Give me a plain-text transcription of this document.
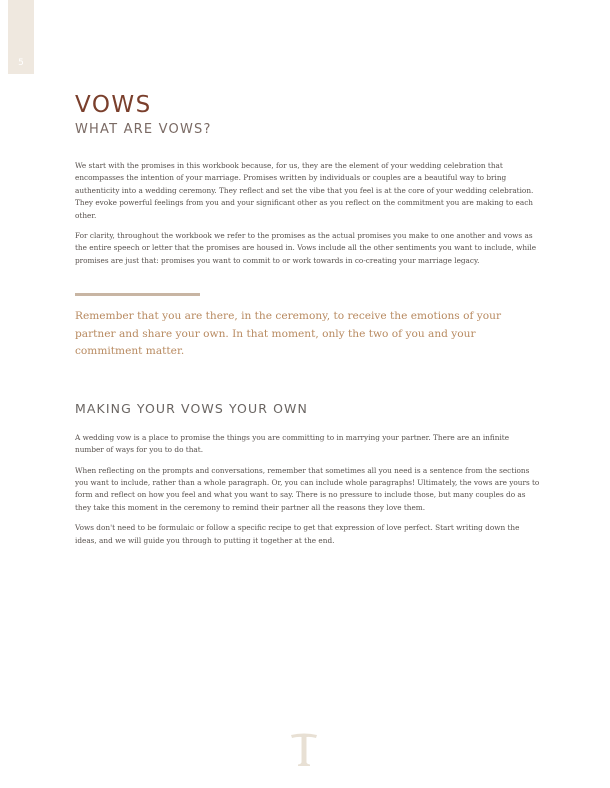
5
VOWS
WHAT ARE VOWS?

We start with the promises in this workbook because, for us, they are the element of your wedding celebration that encompasses the intention of your marriage. Promises written by individuals or couples are a beautiful way to bring authenticity into a wedding ceremony. They reflect and set the vibe that you feel is at the core of your wedding celebration. They evoke powerful feelings from you and your significant other as you reflect on the commitment you are making to each other.

For clarity, throughout the workbook we refer to the promises as the actual promises you make to one another and vows as the entire speech or letter that the promises are housed in. Vows include all the other sentiments you want to include, while promises are just that: promises you want to commit to or work towards in co-creating your marriage legacy.

Remember that you are there, in the ceremony, to receive the emotions of your partner and share your own. In that moment, only the two of you and your commitment matter.

MAKING YOUR VOWS YOUR OWN

A wedding vow is a place to promise the things you are committing to in marrying your partner. There are an infinite number of ways for you to do that.

When reflecting on the prompts and conversations, remember that sometimes all you need is a sentence from the sections you want to include, rather than a whole paragraph. Or, you can include whole paragraphs! Ultimately, the vows are yours to form and reflect on how you feel and what you want to say. There is no pressure to include those, but many couples do as they take this moment in the ceremony to remind their partner all the reasons they love them.

Vows don't need to be formulaic or follow a specific recipe to get that expression of love perfect. Start writing down the ideas, and we will guide you through to putting it together at the end.
